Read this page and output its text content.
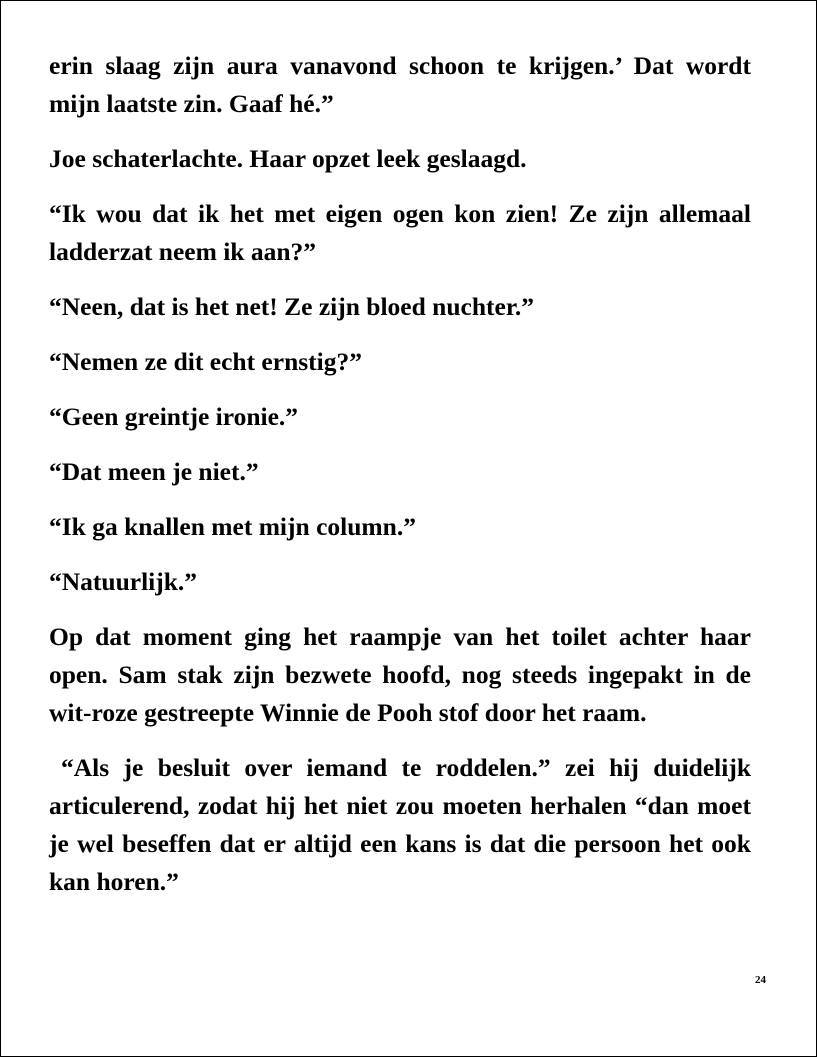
erin slaag zijn aura vanavond schoon te krijgen.’ Dat wordt mijn laatste zin. Gaaf hé.”

Joe schaterlachte. Haar opzet leek geslaagd.

“Ik wou dat ik het met eigen ogen kon zien! Ze zijn allemaal ladderzat neem ik aan?”

“Neen, dat is het net! Ze zijn bloed nuchter.”

“Nemen ze dit echt ernstig?”

“Geen greintje ironie.”

“Dat meen je niet.”

“Ik ga knallen met mijn column.”

“Natuurlijk.”

Op dat moment ging het raampje van het toilet achter haar open. Sam stak zijn bezwete hoofd, nog steeds ingepakt in de wit-roze gestreepte Winnie de Pooh stof door het raam.

“Als je besluit over iemand te roddelen.” zei hij duidelijk articulerend, zodat hij het niet zou moeten herhalen “dan moet je wel beseffen dat er altijd een kans is dat die persoon het ook kan horen.”

24
